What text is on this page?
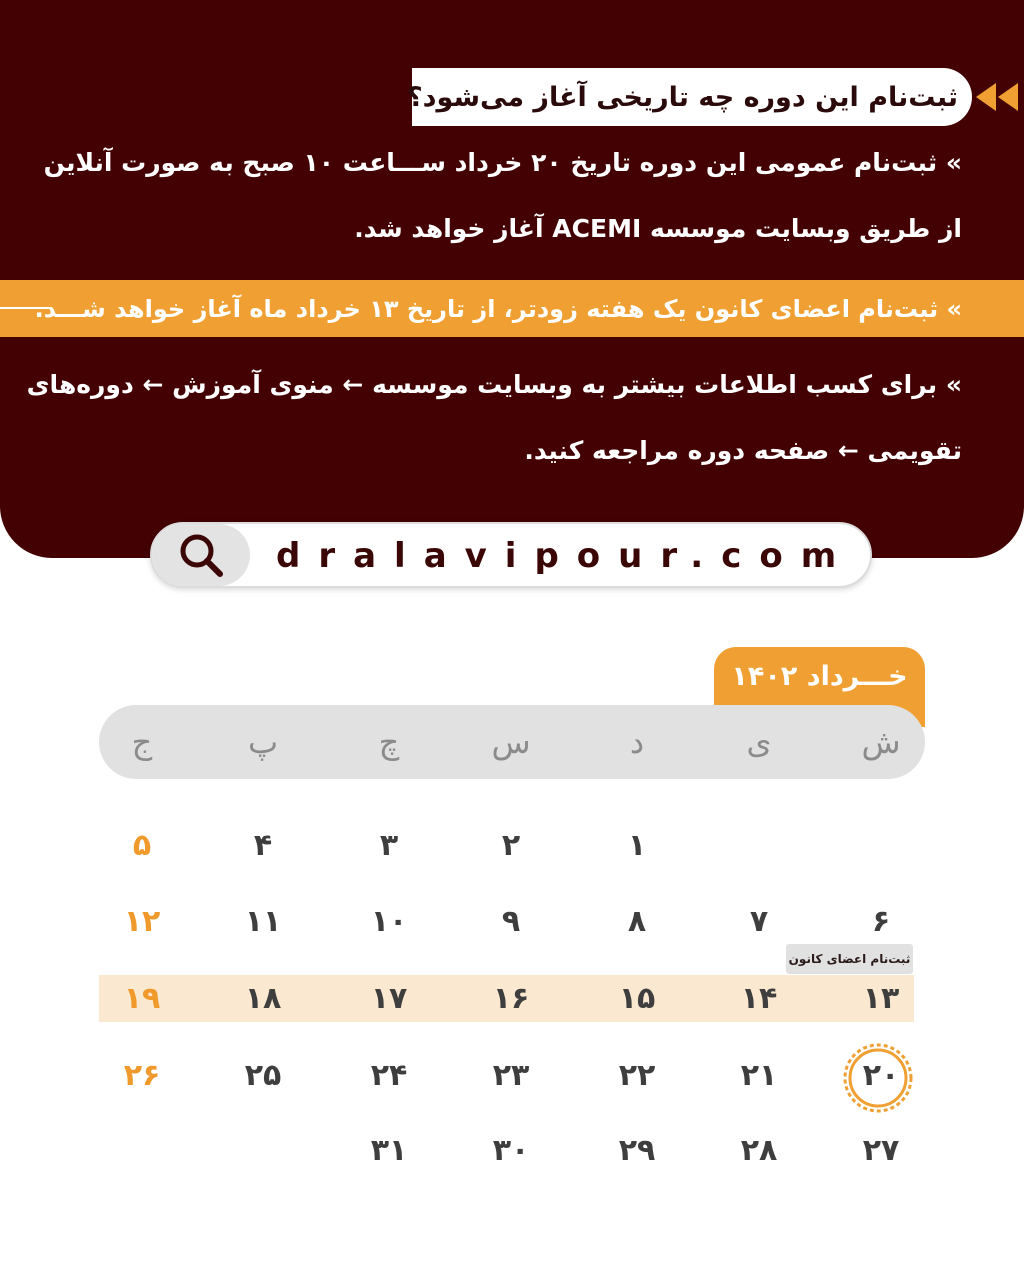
ثبت‌نام این دوره چه تاریخی آغاز می‌شود؟
» ثبت‌نام عمومی این دوره تاریخ ۲۰ خرداد ســـاعت ۱۰ صبح به صورت آنلاین
از طریق وبسایت موسسه ACEMI آغاز خواهد شد.
» ثبت‌نام اعضای کانون یک هفته زودتر، از تاریخ ۱۳ خرداد ماه آغاز خواهد شـــد.
» برای کسب اطلاعات بیشتر به وبسایت موسسه ← منوی آموزش ← دوره‌های
تقویمی ← صفحه دوره مراجعه کنید.
dralavipour.com
خـــرداد ۱۴۰۲
ش
ی
د
س
چ
پ
ج
ثبت‌نام اعضای کانون
۱
۲
۳
۴
۵
۶
۷
۸
۹
۱۰
۱۱
۱۲
۱۳
۱۴
۱۵
۱۶
۱۷
۱۸
۱۹
۲۰
۲۱
۲۲
۲۳
۲۴
۲۵
۲۶
۲۷
۲۸
۲۹
۳۰
۳۱
